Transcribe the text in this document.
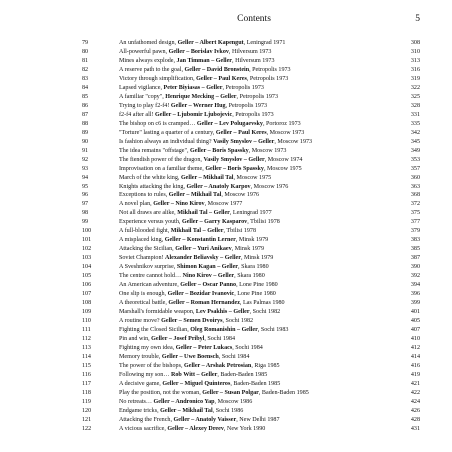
Contents	5
79	An unfathomed design, Geller – Albert Kapengut, Leningrad 1971	308
80	All-powerful pawn, Geller – Borislav Ivkov, Hilversum 1973	310
81	Mines always explode, Jan Timman – Geller, Hilversum 1973	313
82	A reserve path to the goal, Geller – David Bronstein, Petropolis 1973	316
83	Victory through simplification, Geller – Paul Keres, Petropolis 1973	319
84	Lapsed vigilance, Peter Biyiasas – Geller, Petropolis 1973	322
85	A familiar "copy", Henrique Mecking – Geller, Petropolis 1973	325
86	Trying to play f2-f4! Geller – Werner Hug, Petropolis 1973	328
87	f2-f4 after all! Geller – Ljubomir Ljubojevic, Petropolis 1973	331
88	The bishop on c6 is cramped… Geller – Lev Polugaevsky, Portoroz 1973	335
89	"Torture" lasting a quarter of a century, Geller – Paul Keres, Moscow 1973	342
90	Is fashion always an individual thing? Vasily Smyslov – Geller, Moscow 1973	345
91	The idea remains "offstage", Geller – Boris Spassky, Moscow 1973	349
92	The fiendish power of the dragon, Vasily Smyslov – Geller, Moscow 1974	353
93	Improvisation on a familiar theme, Geller – Boris Spassky, Moscow 1975	357
94	March of the white king, Geller – Mikhail Tal, Moscow 1975	360
95	Knights attacking the king, Geller – Anatoly Karpov, Moscow 1976	363
96	Exceptions to rules, Geller – Mikhail Tal, Moscow 1976	368
97	A novel plan, Geller – Nino Kirov, Moscow 1977	372
98	Not all draws are alike, Mikhail Tal – Geller, Leningrad 1977	375
99	Experience versus youth, Geller – Garry Kasparov, Tbilisi 1978	377
100	A full-blooded fight, Mikhail Tal – Geller, Tbilisi 1978	379
101	A misplaced king, Geller – Konstantin Lerner, Minsk 1979	383
102	Attacking the Sicilian, Geller – Yuri Anikaev, Minsk 1979	385
103	Soviet Champion! Alexander Beliavsky – Geller, Minsk 1979	387
104	A Sveshnikov surprise, Shimon Kagan – Geller, Skara 1980	390
105	The centre cannot hold… Nino Kirov – Geller, Skara 1980	392
106	An American adventure, Geller – Oscar Panno, Lone Pine 1980	394
107	One slip is enough, Geller – Bozidar Ivanovic, Lone Pine 1980	396
108	A theoretical battle, Geller – Roman Hernandez, Las Palmas 1980	399
109	Marshall's formidable weapon, Lev Psakhis – Geller, Sochi 1982	401
110	A routine move? Geller – Semen Dvoirys, Sochi 1982	405
111	Fighting the Closed Sicilian, Oleg Romanishin – Geller, Sochi 1983	407
112	Pin and win, Geller – Josef Pribyl, Sochi 1984	410
113	Fighting my own idea, Geller – Peter Lukacs, Sochi 1984	412
114	Memory trouble, Geller – Uwe Boensch, Sochi 1984	414
115	The power of the bishops, Geller – Arshak Petrosian, Riga 1985	416
116	Following my son… Rob Witt – Geller, Baden-Baden 1985	419
117	A decisive game, Geller – Miguel Quinteros, Baden-Baden 1985	421
118	Play the position, not the woman, Geller – Susan Polgar, Baden-Baden 1985	422
119	No retreats… Geller – Andronico Yap, Moscow 1986	424
120	Endgame tricks, Geller – Mikhail Tal, Sochi 1986	426
121	Attacking the French, Geller – Anatoly Vaisser, New Delhi 1987	428
122	A vicious sacrifice, Geller – Alexey Dreev, New York 1990	431
